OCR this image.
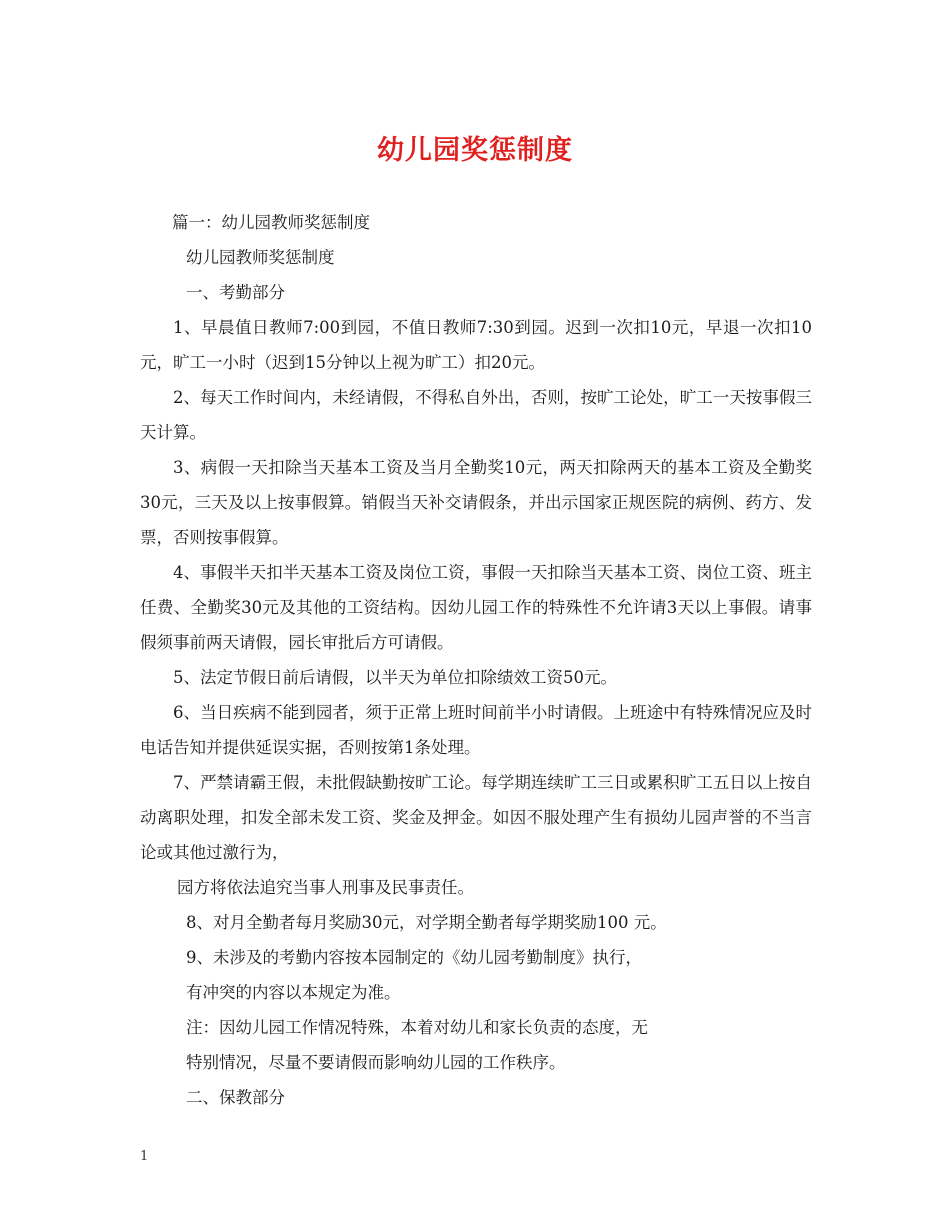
幼儿园奖惩制度

篇一：幼儿园教师奖惩制度

幼儿园教师奖惩制度

一、考勤部分

1、早晨值日教师7:00到园，不值日教师7:30到园。迟到一次扣10元，早退一次扣10元，旷工一小时（迟到15分钟以上视为旷工）扣20元。

2、每天工作时间内，未经请假，不得私自外出，否则，按旷工论处，旷工一天按事假三天计算。

3、病假一天扣除当天基本工资及当月全勤奖10元，两天扣除两天的基本工资及全勤奖30元，三天及以上按事假算。销假当天补交请假条，并出示国家正规医院的病例、药方、发票，否则按事假算。

4、事假半天扣半天基本工资及岗位工资，事假一天扣除当天基本工资、岗位工资、班主任费、全勤奖30元及其他的工资结构。因幼儿园工作的特殊性不允许请3天以上事假。请事假须事前两天请假，园长审批后方可请假。

5、法定节假日前后请假，以半天为单位扣除绩效工资50元。

6、当日疾病不能到园者，须于正常上班时间前半小时请假。上班途中有特殊情况应及时电话告知并提供延误实据，否则按第1条处理。

7、严禁请霸王假，未批假缺勤按旷工论。每学期连续旷工三日或累积旷工五日以上按自动离职处理，扣发全部未发工资、奖金及押金。如因不服处理产生有损幼儿园声誉的不当言论或其他过激行为，

园方将依法追究当事人刑事及民事责任。

8、对月全勤者每月奖励30元，对学期全勤者每学期奖励100 元。

9、未涉及的考勤内容按本园制定的《幼儿园考勤制度》执行，

有冲突的内容以本规定为准。

注：因幼儿园工作情况特殊，本着对幼儿和家长负责的态度，无

特别情况，尽量不要请假而影响幼儿园的工作秩序。

二、保教部分

1
